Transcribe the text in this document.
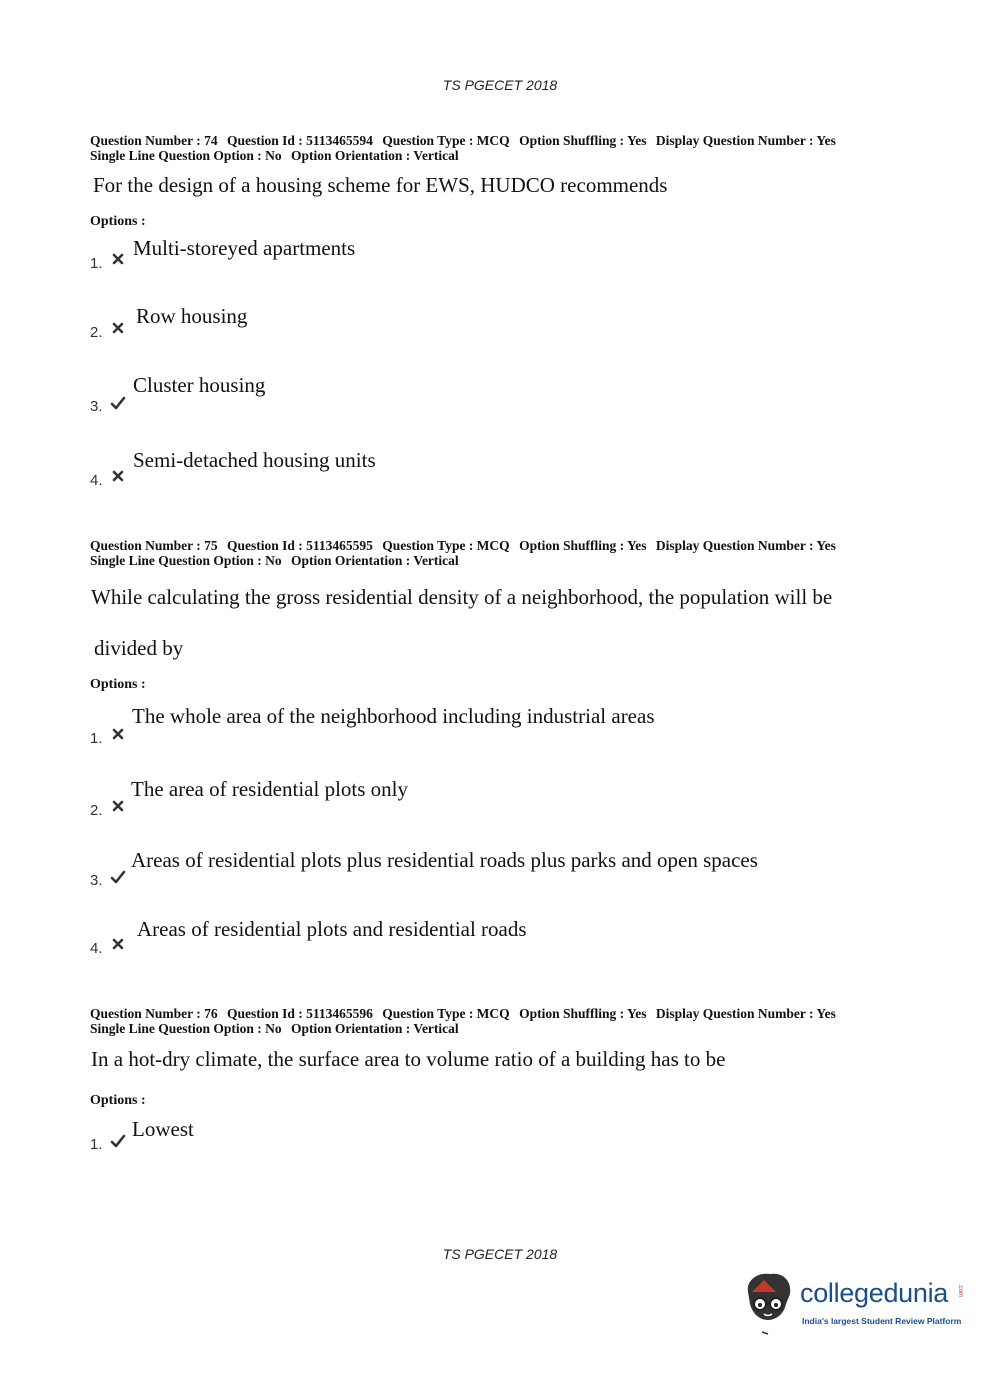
TS PGECET 2018
Question Number : 74 Question Id : 5113465594 Question Type : MCQ Option Shuffling : Yes Display Question Number : Yes
Single Line Question Option : No Option Orientation : Vertical
For the design of a housing scheme for EWS, HUDCO recommends
Options :
1.
Multi-storeyed apartments
2.
Row housing
3.
Cluster housing
4.
Semi-detached housing units
Question Number : 75 Question Id : 5113465595 Question Type : MCQ Option Shuffling : Yes Display Question Number : Yes
Single Line Question Option : No Option Orientation : Vertical
While calculating the gross residential density of a neighborhood, the population will be
divided by
Options :
1.
The whole area of the neighborhood including industrial areas
2.
The area of residential plots only
3.
Areas of residential plots plus residential roads plus parks and open spaces
4.
Areas of residential plots and residential roads
Question Number : 76 Question Id : 5113465596 Question Type : MCQ Option Shuffling : Yes Display Question Number : Yes
Single Line Question Option : No Option Orientation : Vertical
In a hot-dry climate, the surface area to volume ratio of a building has to be
Options :
1.
Lowest
TS PGECET 2018
collegedunia .com
India's largest Student Review Platform
